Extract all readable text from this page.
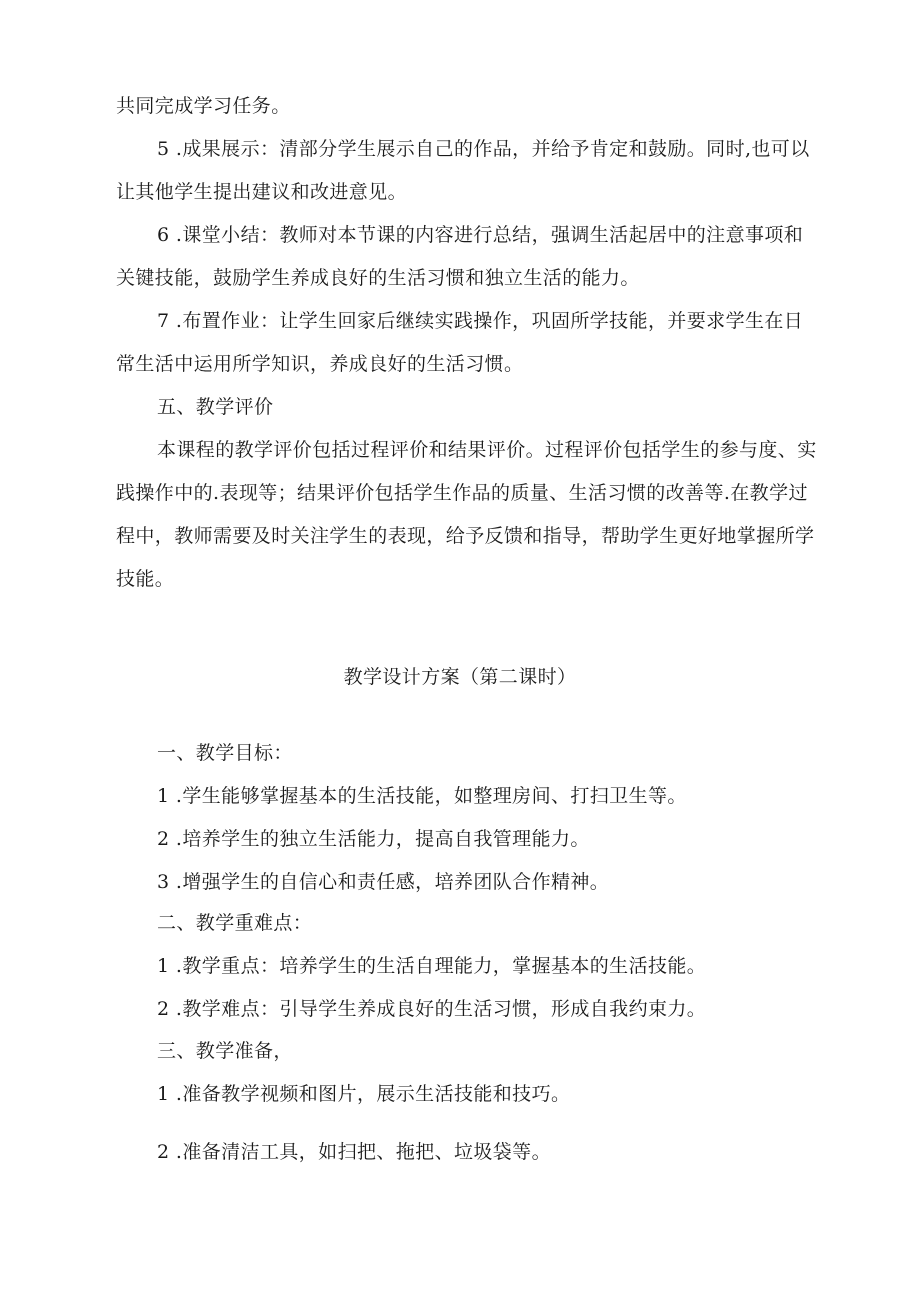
共同完成学习任务。

5 .成果展示：清部分学生展示自己的作品，并给予肯定和鼓励。同时,也可以

让其他学生提出建议和改进意见。

6 .课堂小结：教师对本节课的内容进行总结，强调生活起居中的注意事项和

关键技能，鼓励学生养成良好的生活习惯和独立生活的能力。

7 .布置作业：让学生回家后继续实践操作，巩固所学技能，并要求学生在日

常生活中运用所学知识，养成良好的生活习惯。

五、教学评价

本课程的教学评价包括过程评价和结果评价。过程评价包括学生的参与度、实

践操作中的.表现等；结果评价包括学生作品的质量、生活习惯的改善等.在教学过

程中，教师需要及时关注学生的表现，给予反馈和指导，帮助学生更好地掌握所学

技能。

教学设计方案（第二课时）

一、教学目标：

1 .学生能够掌握基本的生活技能，如整理房间、打扫卫生等。

2 .培养学生的独立生活能力，提高自我管理能力。

3 .增强学生的自信心和责任感，培养团队合作精神。

二、教学重难点：

1 .教学重点：培养学生的生活自理能力，掌握基本的生活技能。

2 .教学难点：引导学生养成良好的生活习惯，形成自我约束力。

三、教学准备，

1 .准备教学视频和图片，展示生活技能和技巧。

2 .准备清洁工具，如扫把、拖把、垃圾袋等。
